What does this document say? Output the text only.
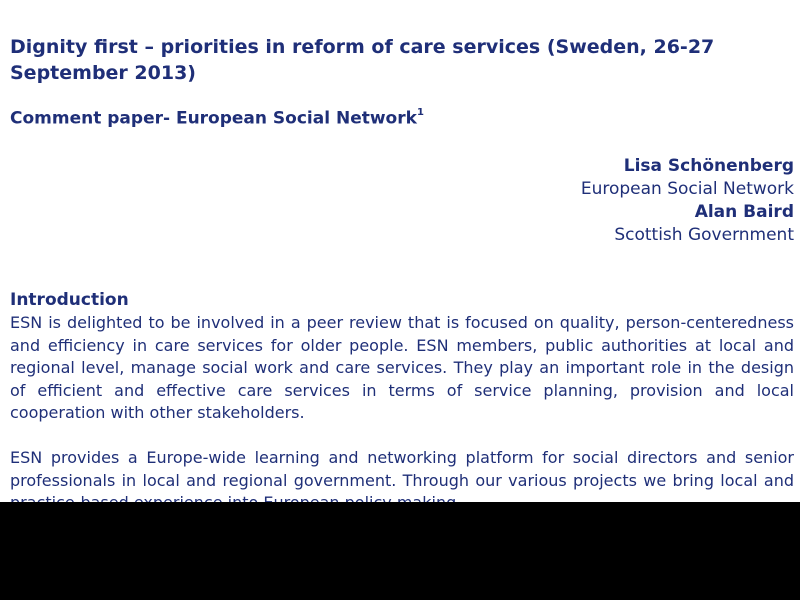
Dignity first – priorities in reform of care services (Sweden, 26-27 September 2013)
Comment paper- European Social Network$^1$
Lisa Schönenberg
European Social Network
Alan Baird
Scottish Government
Introduction

ESN is delighted to be involved in a peer review that is focused on quality, person-centeredness and efficiency in care services for older people. ESN members, public authorities at local and regional level, manage social work and care services. They play an important role in the design of efficient and effective care services in terms of service planning, provision and local cooperation with other stakeholders.

ESN provides a Europe-wide learning and networking platform for social directors and senior professionals in local and regional government. Through our various projects we bring local and
